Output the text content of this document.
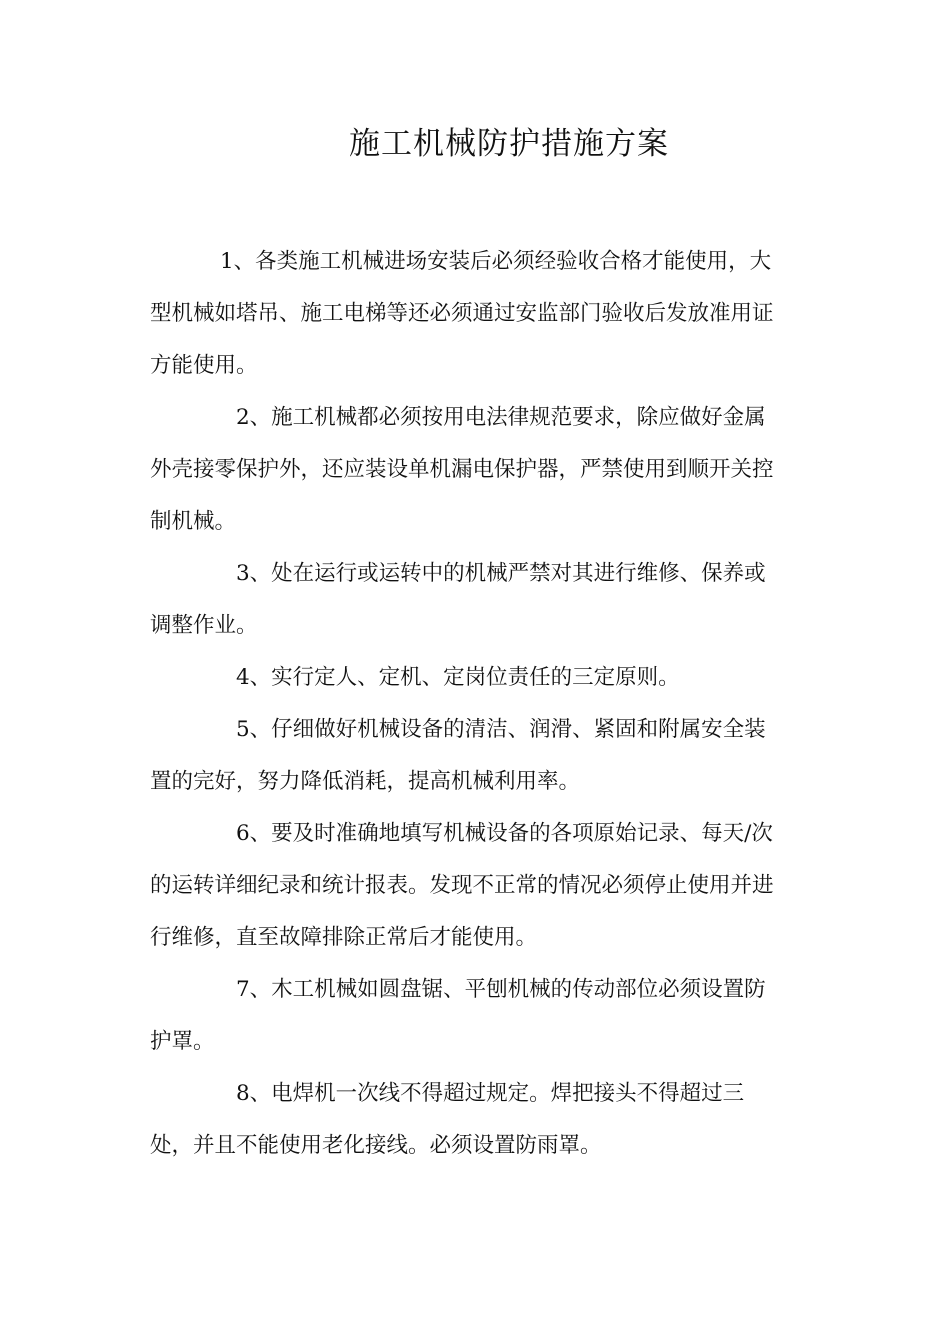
施工机械防护措施方案
1、各类施工机械进场安装后必须经验收合格才能使用，大
型机械如塔吊、施工电梯等还必须通过安监部门验收后发放准用证
方能使用。
2、施工机械都必须按用电法律规范要求，除应做好金属
外壳接零保护外，还应装设单机漏电保护器，严禁使用到顺开关控
制机械。
3、处在运行或运转中的机械严禁对其进行维修、保养或
调整作业。
4、实行定人、定机、定岗位责任的三定原则。
5、仔细做好机械设备的清洁、润滑、紧固和附属安全装
置的完好，努力降低消耗，提高机械利用率。
6、要及时准确地填写机械设备的各项原始记录、每天/次
的运转详细纪录和统计报表。发现不正常的情况必须停止使用并进
行维修，直至故障排除正常后才能使用。
7、木工机械如圆盘锯、平刨机械的传动部位必须设置防
护罩。
8、电焊机一次线不得超过规定。焊把接头不得超过三
处，并且不能使用老化接线。必须设置防雨罩。
